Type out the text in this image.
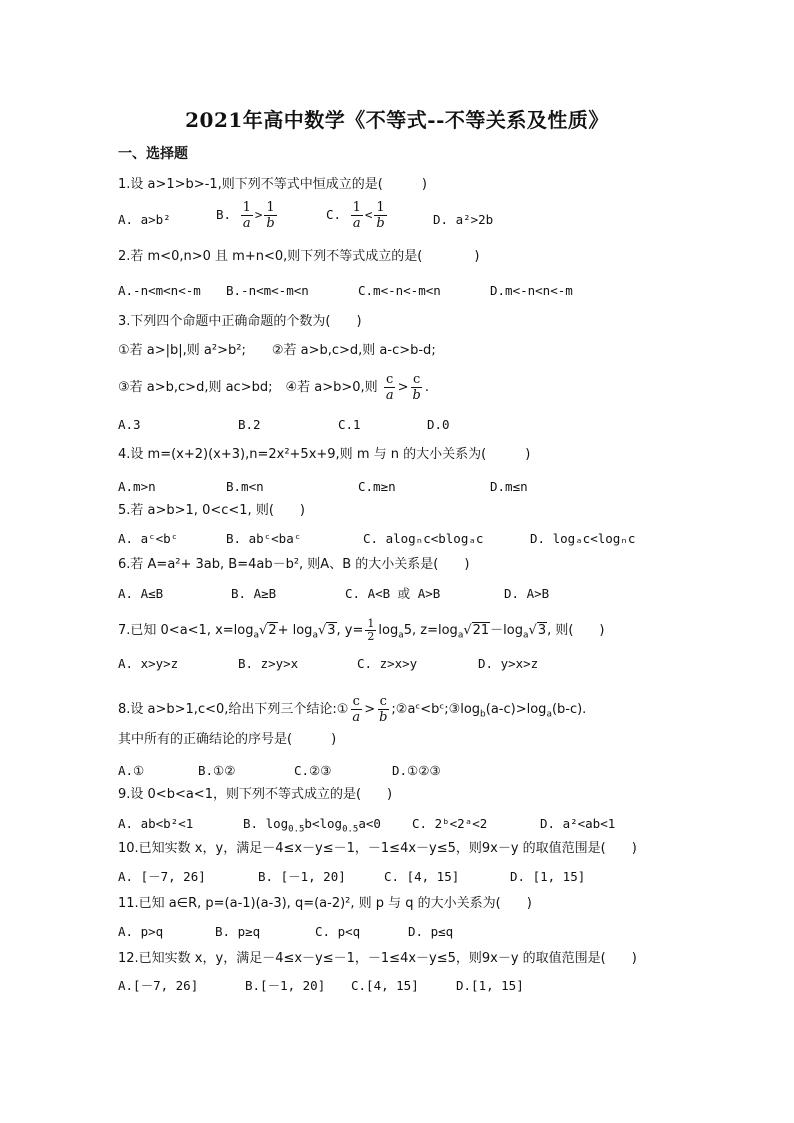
2021年高中数学《不等式--不等关系及性质》
一、选择题
1.设 a>1>b>-1,则下列不等式中恒成立的是(　　　)
A. a>b²	B. $\frac{1}{a} > \frac{1}{b}$	C. $\frac{1}{a} < \frac{1}{b}$	D. a²>2b
2.若 m<0,n>0 且 m+n<0,则下列不等式成立的是(　　　　)
A.-n<m<n<-m B.-n<m<-m<n	C.m<-n<-m<n	D.m<-n<n<-m
3.下列四个命题中正确命题的个数为(　　)
①若 a>|b|,则 a²>b²;　　②若 a>b,c>d,则 a-c>b-d;
③若 a>b,c>d,则 ac>bd;　④若 a>b>0,则 $\frac{c}{a} > \frac{c}{b}$ .
A.3	B.2	C.1	D.0
4.设 m=(x+2)(x+3),n=2x²+5x+9,则 m 与 n 的大小关系为(　　　)
A.m>n	B.m<n	C.m≥n	D.m≤n
5.若 a>b>1, 0<c<1, 则(　　)
A. aᶜ<bᶜ	B. abᶜ<baᶜ	C. alogₙc<blogₐc	D. logₐc<logₙc
6.若 A=a²+ 3ab, B=4ab－b², 则A、B 的大小关系是(　　)
A. A≤B	B. A≥B	C. A<B 或 A>B	D. A>B
7.已知 0<a<1, $x=\log_a√2+ \log_a√3$, $y= \frac{1}{2} \log_a5$, $z=\log_a√21-\log_a√3$, 则(　　)
A. x>y>z	B. z>y>x	C. z>x>y	D. y>x>z
8.设 a>b>1,c<0,给出下列三个结论:① $\frac{c}{a} > \frac{c}{b}$ $;②aᶜ<bᶜ;③\log_b(a-c)>\log_a(b-c)$.
其中所有的正确结论的序号是(　　　)
A.①	B.①②	C.②③	D.①②③
9.设 0<b<a<1，则下列不等式成立的是(　　)
A. ab<b²<1	B. $\log_{0.5}b<\log_{0.5}a<0$ C. 2ᵇ<2ᵃ<2	D. a²<ab<1
10.已知实数 x，y，满足－4≤x－y≤－1，－1≤4x－y≤5，则9x－y 的取值范围是(　　)
A. [－7, 26]	B. [－1, 20]	C. [4, 15]	D. [1, 15]
11.已知 a∈R, p=(a-1)(a-3), q=(a-2)², 则 p 与 q 的大小关系为(　　)
A. p>q	B. p≥q	C. p<q	D. p≤q
12.已知实数 x，y，满足－4≤x－y≤－1，－1≤4x－y≤5，则9x－y 的取值范围是(　　)
A.[－7, 26]	B.[－1, 20] C.[4, 15]	D.[1, 15]
